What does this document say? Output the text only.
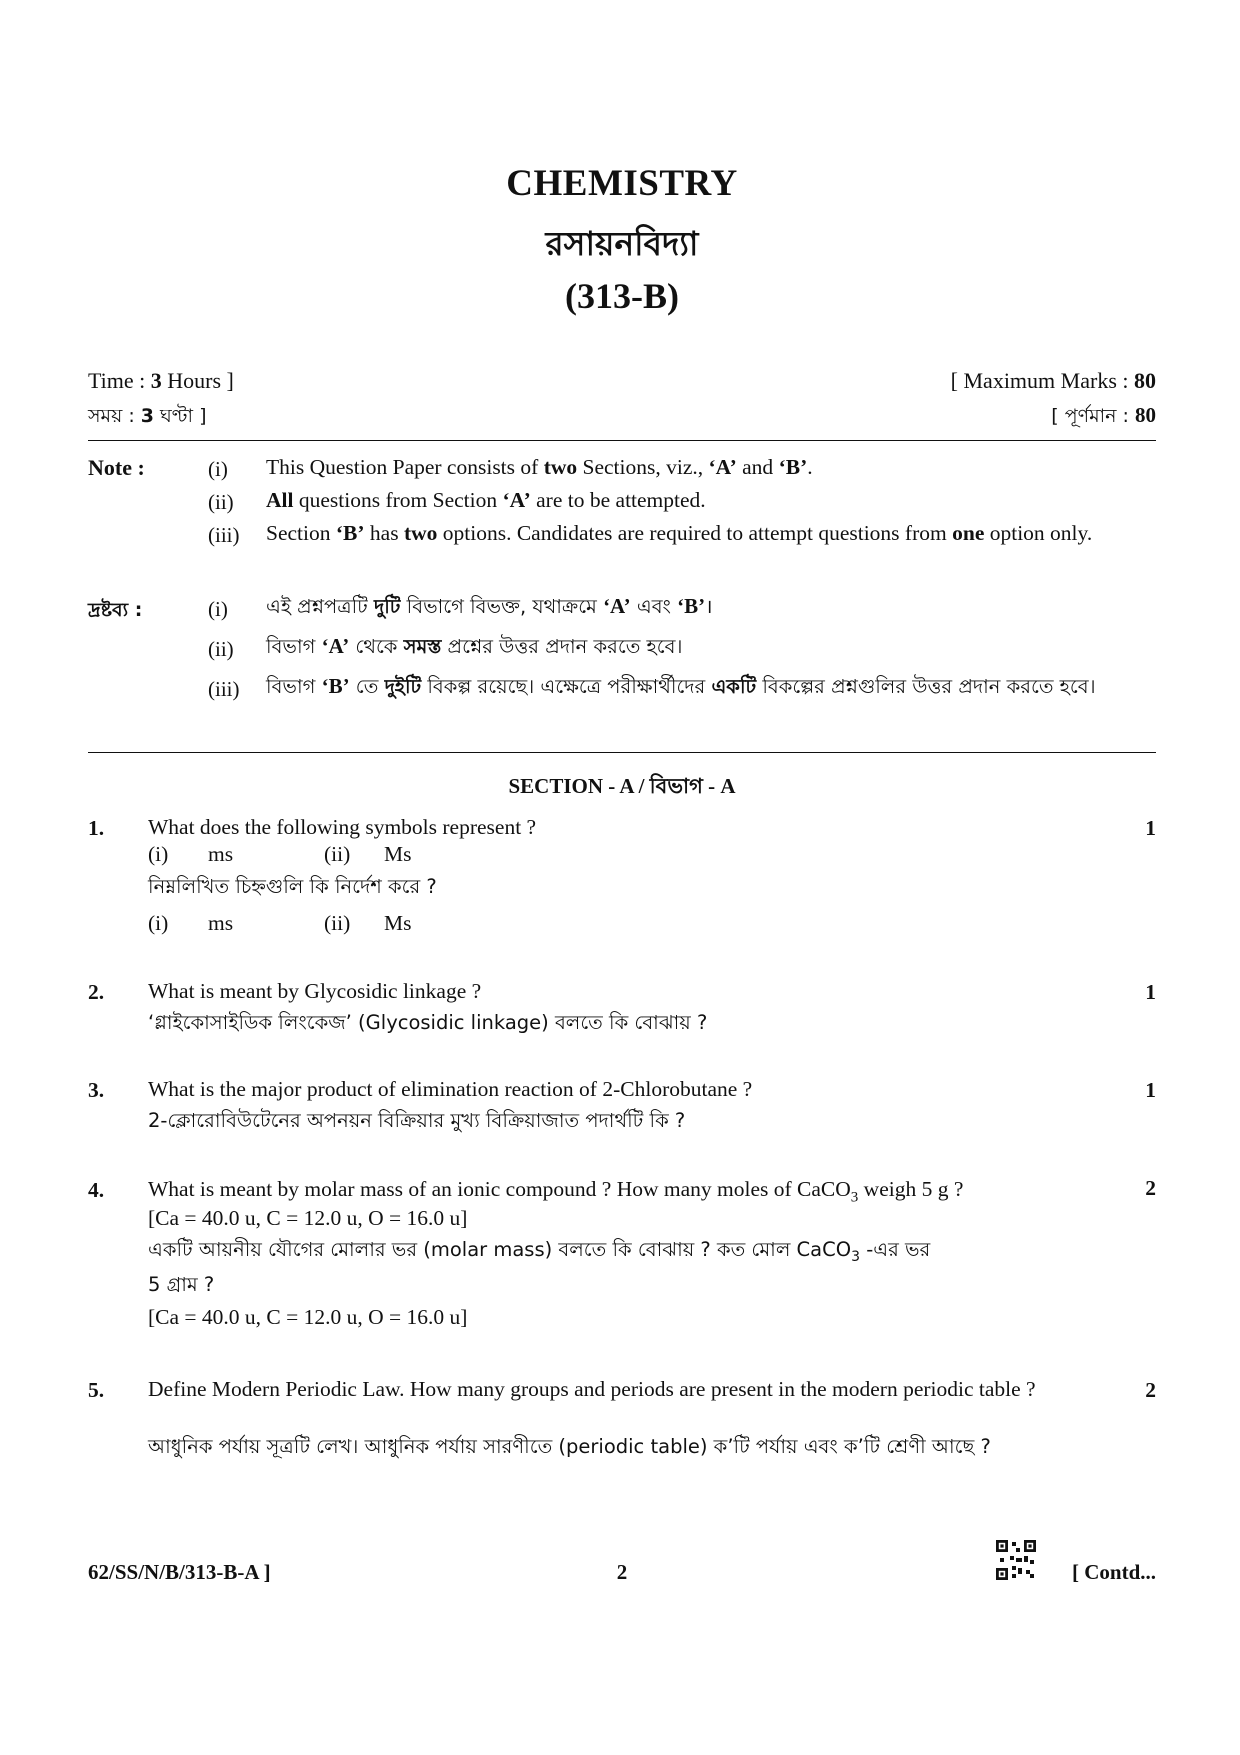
CHEMISTRY
রসায়নবিদ্যা
(313-B)
Time : 3 Hours ]
সময় : 3 ঘণ্টা ]
[ Maximum Marks : 80
[ পূর্ণমান : 80
Note :	(i) This Question Paper consists of two Sections, viz., ‘A’ and ‘B’.
(ii) All questions from Section ‘A’ are to be attempted.
(iii) Section ‘B’ has two options. Candidates are required to attempt questions from one option only.
দ্রষ্টব্য :	(i) এই প্রশ্নপত্রটি দুটি বিভাগে বিভক্ত, যথাক্রমে ‘A’ এবং ‘B’।
(ii) বিভাগ ‘A’ থেকে সমস্ত প্রশ্নের উত্তর প্রদান করতে হবে।
(iii) বিভাগ ‘B’ তে দুইটি বিকল্প রয়েছে। এক্ষেত্রে পরীক্ষার্থীদের একটি বিকল্পের প্রশ্নগুলির উত্তর প্রদান করতে হবে।
SECTION - A / বিভাগ - A
1. What does the following symbols represent ?	1
(i) ms	(ii) Ms
নিম্নলিখিত চিহ্নগুলি কি নির্দেশ করে ?
(i) ms	(ii) Ms
2. What is meant by Glycosidic linkage ?	1
‘গ্লাইকোসাইডিক লিংকেজ’ (Glycosidic linkage) বলতে কি বোঝায় ?
3. What is the major product of elimination reaction of 2-Chlorobutane ?	1
2-ক্লোরোবিউটেনের অপনয়ন বিক্রিয়ার মুখ্য বিক্রিয়াজাত পদার্থটি কি ?
4. What is meant by molar mass of an ionic compound ? How many moles of CaCO$_3$ weigh 5 g ?	2
[Ca = 40.0 u, C = 12.0 u, O = 16.0 u]
একটি আয়নীয় যৌগের মোলার ভর (molar mass) বলতে কি বোঝায় ? কত মোল CaCO$_3$ -এর ভর
5 গ্রাম ?
[Ca = 40.0 u, C = 12.0 u, O = 16.0 u]
5. Define Modern Periodic Law. How many groups and periods are present in the modern periodic table ?	2
আধুনিক পর্যায় সূত্রটি লেখ। আধুনিক পর্যায় সারণীতে (periodic table) ক’টি পর্যায় এবং ক’টি শ্রেণী আছে ?
62/SS/N/B/313-B-A ]	2	[ Contd...
